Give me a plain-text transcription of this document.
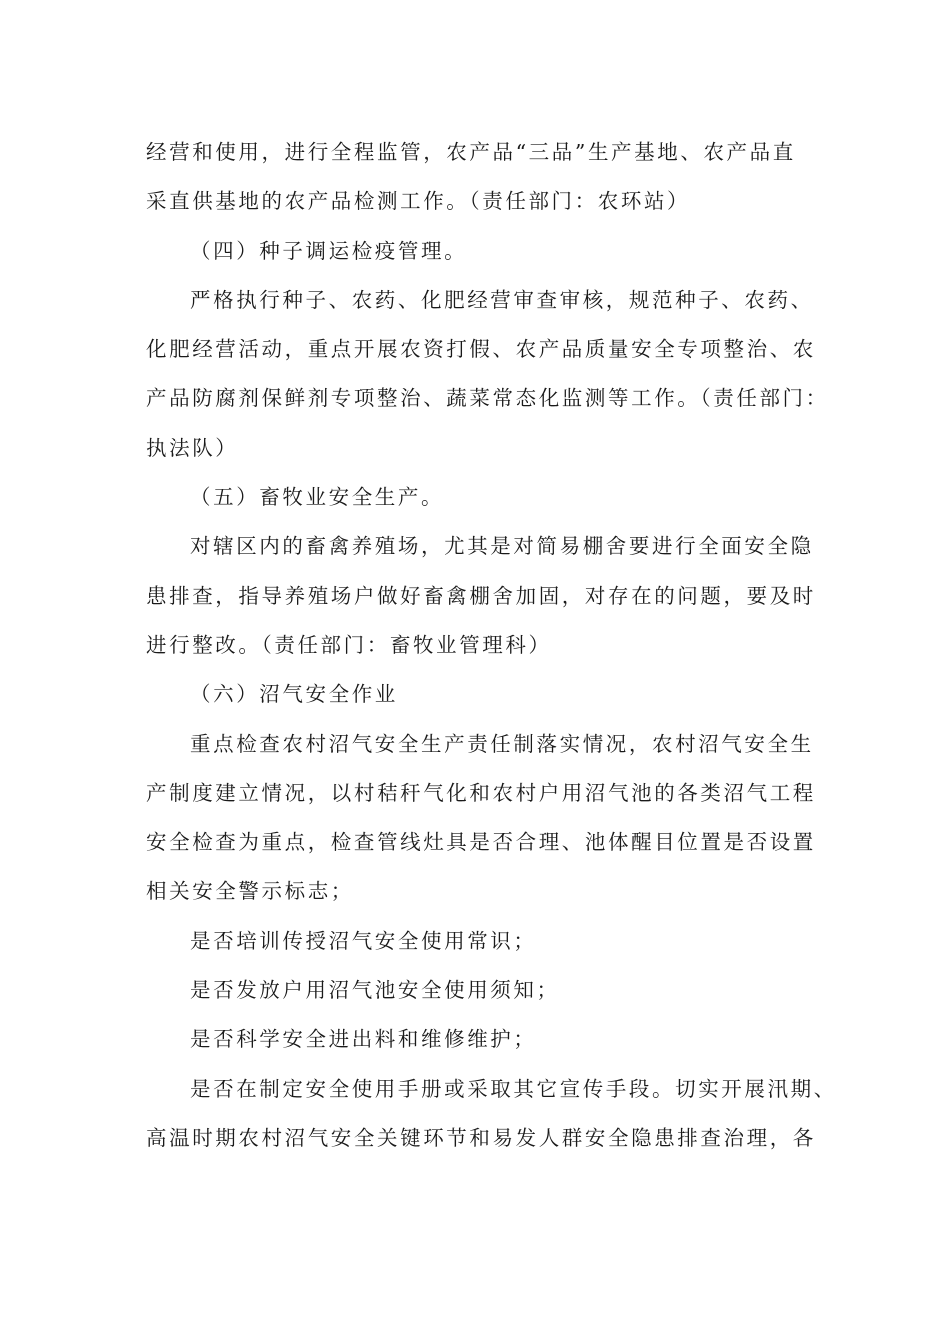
经营和使用，进行全程监管，农产品“三品”生产基地、农产品直
采直供基地的农产品检测工作。（责任部门：农环站）
（四）种子调运检疫管理。
严格执行种子、农药、化肥经营审查审核，规范种子、农药、
化肥经营活动，重点开展农资打假、农产品质量安全专项整治、农
产品防腐剂保鲜剂专项整治、蔬菜常态化监测等工作。（责任部门：
执法队）
（五）畜牧业安全生产。
对辖区内的畜禽养殖场，尤其是对简易棚舍要进行全面安全隐
患排查，指导养殖场户做好畜禽棚舍加固，对存在的问题，要及时
进行整改。（责任部门：畜牧业管理科）
（六）沼气安全作业
重点检查农村沼气安全生产责任制落实情况，农村沼气安全生
产制度建立情况，以村秸秆气化和农村户用沼气池的各类沼气工程
安全检查为重点，检查管线灶具是否合理、池体醒目位置是否设置
相关安全警示标志；
是否培训传授沼气安全使用常识；
是否发放户用沼气池安全使用须知；
是否科学安全进出料和维修维护；
是否在制定安全使用手册或采取其它宣传手段。切实开展汛期、
高温时期农村沼气安全关键环节和易发人群安全隐患排查治理，各
